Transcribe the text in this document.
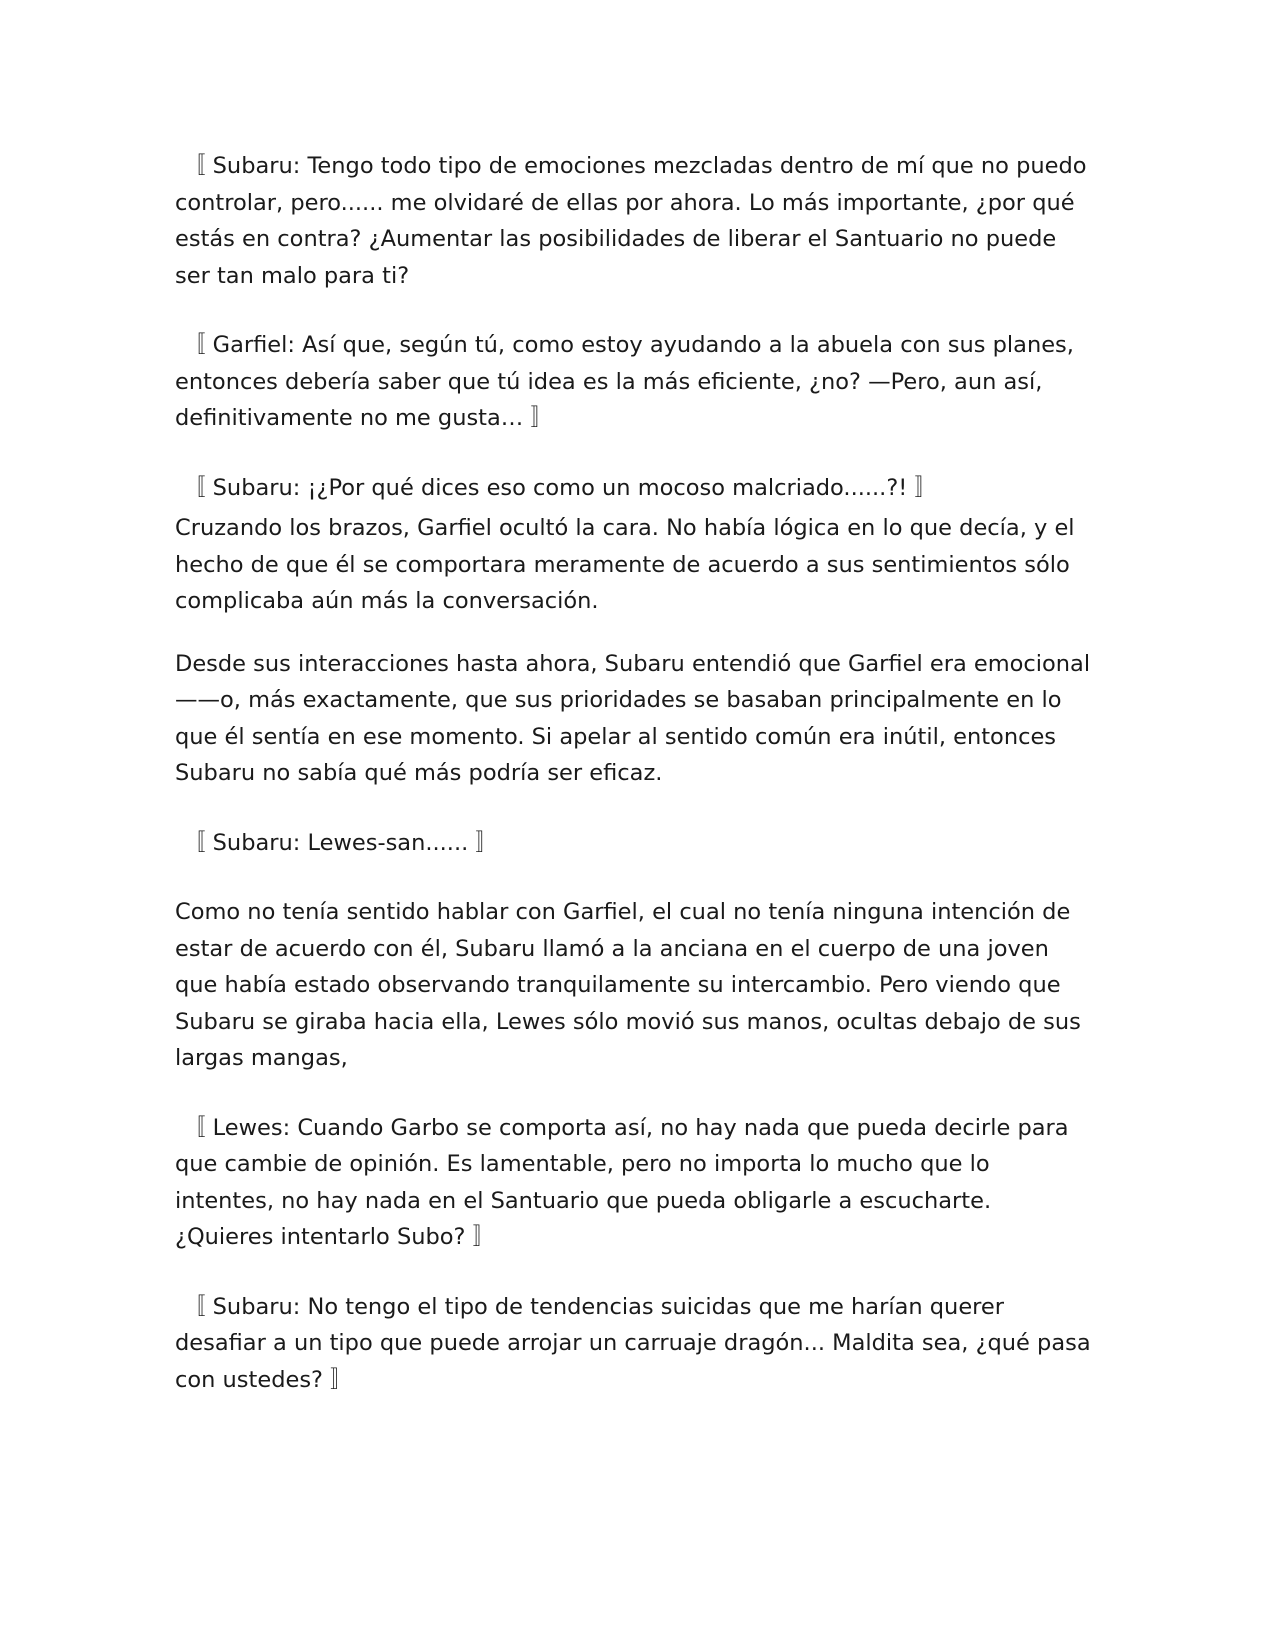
〚 Subaru: Tengo todo tipo de emociones mezcladas dentro de mí que no puedo controlar, pero...... me olvidaré de ellas por ahora. Lo más importante, ¿por qué estás en contra? ¿Aumentar las posibilidades de liberar el Santuario no puede ser tan malo para ti?

〚 Garfiel: Así que, según tú, como estoy ayudando a la abuela con sus planes, entonces debería saber que tú idea es la más eficiente, ¿no? —Pero, aun así, definitivamente no me gusta… 〛

〚 Subaru: ¡¿Por qué dices eso como un mocoso malcriado......?! 〛

Cruzando los brazos, Garfiel ocultó la cara. No había lógica en lo que decía, y el hecho de que él se comportara meramente de acuerdo a sus sentimientos sólo complicaba aún más la conversación.

Desde sus interacciones hasta ahora, Subaru entendió que Garfiel era emocional ——o, más exactamente, que sus prioridades se basaban principalmente en lo que él sentía en ese momento. Si apelar al sentido común era inútil, entonces Subaru no sabía qué más podría ser eficaz.

〚 Subaru: Lewes-san...... 〛

Como no tenía sentido hablar con Garfiel, el cual no tenía ninguna intención de estar de acuerdo con él, Subaru llamó a la anciana en el cuerpo de una joven que había estado observando tranquilamente su intercambio. Pero viendo que Subaru se giraba hacia ella, Lewes sólo movió sus manos, ocultas debajo de sus largas mangas,

〚 Lewes: Cuando Garbo se comporta así, no hay nada que pueda decirle para que cambie de opinión. Es lamentable, pero no importa lo mucho que lo intentes, no hay nada en el Santuario que pueda obligarle a escucharte. ¿Quieres intentarlo Subo? 〛

〚 Subaru: No tengo el tipo de tendencias suicidas que me harían querer desafiar a un tipo que puede arrojar un carruaje dragón... Maldita sea, ¿qué pasa con ustedes? 〛
